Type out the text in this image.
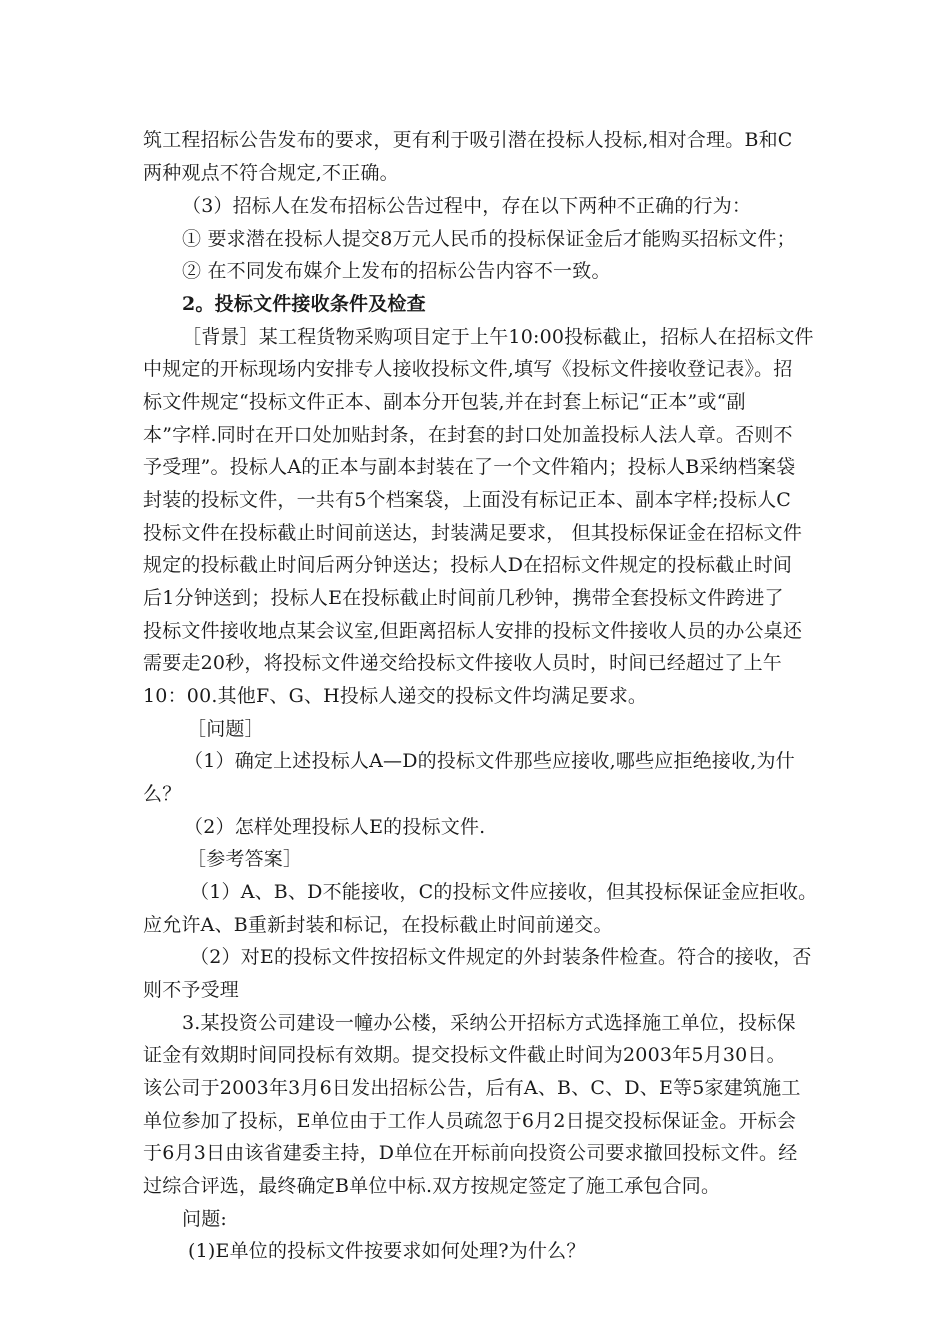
筑工程招标公告发布的要求，更有利于吸引潜在投标人投标,相对合理。B和C
两种观点不符合规定,不正确。
（3）招标人在发布招标公告过程中，存在以下两种不正确的行为：
① 要求潜在投标人提交8万元人民币的投标保证金后才能购买招标文件；
② 在不同发布媒介上发布的招标公告内容不一致。
2。投标文件接收条件及检查
［背景］某工程货物采购项目定于上午10:00投标截止，招标人在招标文件
中规定的开标现场内安排专人接收投标文件,填写《投标文件接收登记表》。招
标文件规定“投标文件正本、副本分开包装,并在封套上标记“正本”或“副
本”字样.同时在开口处加贴封条，在封套的封口处加盖投标人法人章。否则不
予受理”。投标人A的正本与副本封装在了一个文件箱内；投标人B采纳档案袋
封装的投标文件，一共有5个档案袋，上面没有标记正本、副本字样;投标人C
投标文件在投标截止时间前送达，封装满足要求， 但其投标保证金在招标文件
规定的投标截止时间后两分钟送达；投标人D在招标文件规定的投标截止时间
后1分钟送到；投标人E在投标截止时间前几秒钟，携带全套投标文件跨进了
投标文件接收地点某会议室,但距离招标人安排的投标文件接收人员的办公桌还
需要走20秒，将投标文件递交给投标文件接收人员时，时间已经超过了上午
10：00.其他F、G、H投标人递交的投标文件均满足要求。
［问题］
（1）确定上述投标人A—D的投标文件那些应接收,哪些应拒绝接收,为什
么？
（2）怎样处理投标人E的投标文件.
［参考答案］
（1）A、B、D不能接收，C的投标文件应接收，但其投标保证金应拒收。
应允许A、B重新封装和标记，在投标截止时间前递交。
（2）对E的投标文件按招标文件规定的外封装条件检查。符合的接收，否
则不予受理
3.某投资公司建设一幢办公楼，采纳公开招标方式选择施工单位，投标保
证金有效期时间同投标有效期。提交投标文件截止时间为2003年5月30日。
该公司于2003年3月6日发出招标公告，后有A、B、C、D、E等5家建筑施工
单位参加了投标，E单位由于工作人员疏忽于6月2日提交投标保证金。开标会
于6月3日由该省建委主持，D单位在开标前向投资公司要求撤回投标文件。经
过综合评选，最终确定B单位中标.双方按规定签定了施工承包合同。
问题:
(1)E单位的投标文件按要求如何处理?为什么？
